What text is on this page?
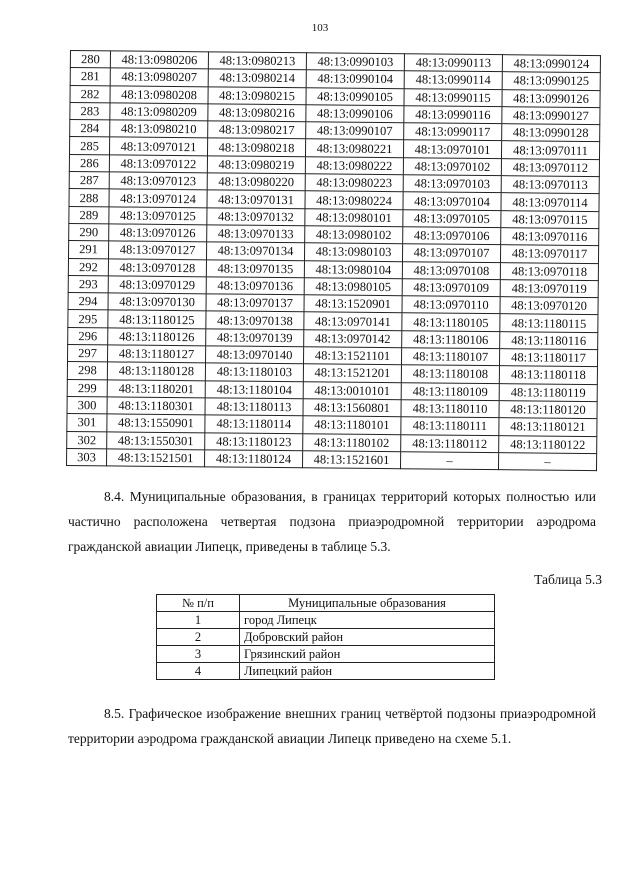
103
280	48:13:0980206	48:13:0980213	48:13:0990103	48:13:0990113	48:13:0990124
281	48:13:0980207	48:13:0980214	48:13:0990104	48:13:0990114	48:13:0990125
282	48:13:0980208	48:13:0980215	48:13:0990105	48:13:0990115	48:13:0990126
283	48:13:0980209	48:13:0980216	48:13:0990106	48:13:0990116	48:13:0990127
284	48:13:0980210	48:13:0980217	48:13:0990107	48:13:0990117	48:13:0990128
285	48:13:0970121	48:13:0980218	48:13:0980221	48:13:0970101	48:13:0970111
286	48:13:0970122	48:13:0980219	48:13:0980222	48:13:0970102	48:13:0970112
287	48:13:0970123	48:13:0980220	48:13:0980223	48:13:0970103	48:13:0970113
288	48:13:0970124	48:13:0970131	48:13:0980224	48:13:0970104	48:13:0970114
289	48:13:0970125	48:13:0970132	48:13:0980101	48:13:0970105	48:13:0970115
290	48:13:0970126	48:13:0970133	48:13:0980102	48:13:0970106	48:13:0970116
291	48:13:0970127	48:13:0970134	48:13:0980103	48:13:0970107	48:13:0970117
292	48:13:0970128	48:13:0970135	48:13:0980104	48:13:0970108	48:13:0970118
293	48:13:0970129	48:13:0970136	48:13:0980105	48:13:0970109	48:13:0970119
294	48:13:0970130	48:13:0970137	48:13:1520901	48:13:0970110	48:13:0970120
295	48:13:1180125	48:13:0970138	48:13:0970141	48:13:1180105	48:13:1180115
296	48:13:1180126	48:13:0970139	48:13:0970142	48:13:1180106	48:13:1180116
297	48:13:1180127	48:13:0970140	48:13:1521101	48:13:1180107	48:13:1180117
298	48:13:1180128	48:13:1180103	48:13:1521201	48:13:1180108	48:13:1180118
299	48:13:1180201	48:13:1180104	48:13:0010101	48:13:1180109	48:13:1180119
300	48:13:1180301	48:13:1180113	48:13:1560801	48:13:1180110	48:13:1180120
301	48:13:1550901	48:13:1180114	48:13:1180101	48:13:1180111	48:13:1180121
302	48:13:1550301	48:13:1180123	48:13:1180102	48:13:1180112	48:13:1180122
303	48:13:1521501	48:13:1180124	48:13:1521601	–	–
8.4. Муниципальные образования, в границах территорий которых полностью или частично расположена четвертая подзона приаэродромной территории аэродрома гражданской авиации Липецк, приведены в таблице 5.3.
Таблица 5.3
№ п/п	Муниципальные образования
1	город Липецк
2	Добровский район
3	Грязинский район
4	Липецкий район
8.5. Графическое изображение внешних границ четвёртой подзоны приаэродромной территории аэродрома гражданской авиации Липецк приведено на схеме 5.1.
